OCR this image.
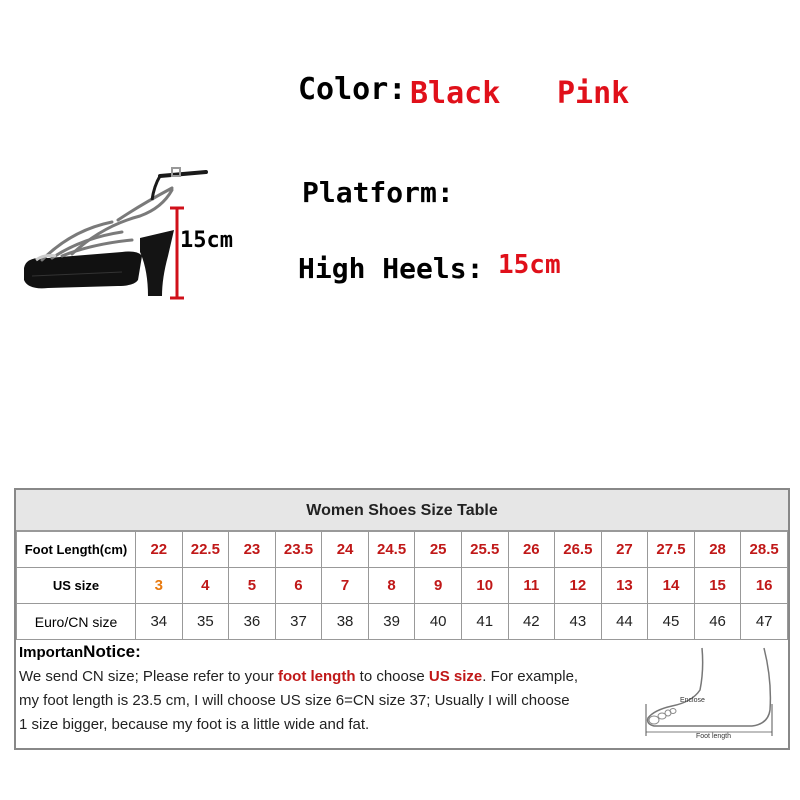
Color: Black Pink
Platform:
High Heels: 15cm
15cm
Women Shoes Size Table
Foot Length(cm)	22	22.5	23	23.5	24	24.5	25	25.5	26	26.5	27	27.5	28	28.5
US size	3	4	5	6	7	8	9	10	11	12	13	14	15	16
Euro/CN size	34	35	36	37	38	39	40	41	42	43	44	45	46	47
ImportanNotice:
We send CN size; Please refer to your foot length to choose US size. For example,
my foot length is 23.5 cm, I will choose US size 6=CN size 37; Usually I will choose
1 size bigger, because my foot is a little wide and fat.
Enclose
Foot length
